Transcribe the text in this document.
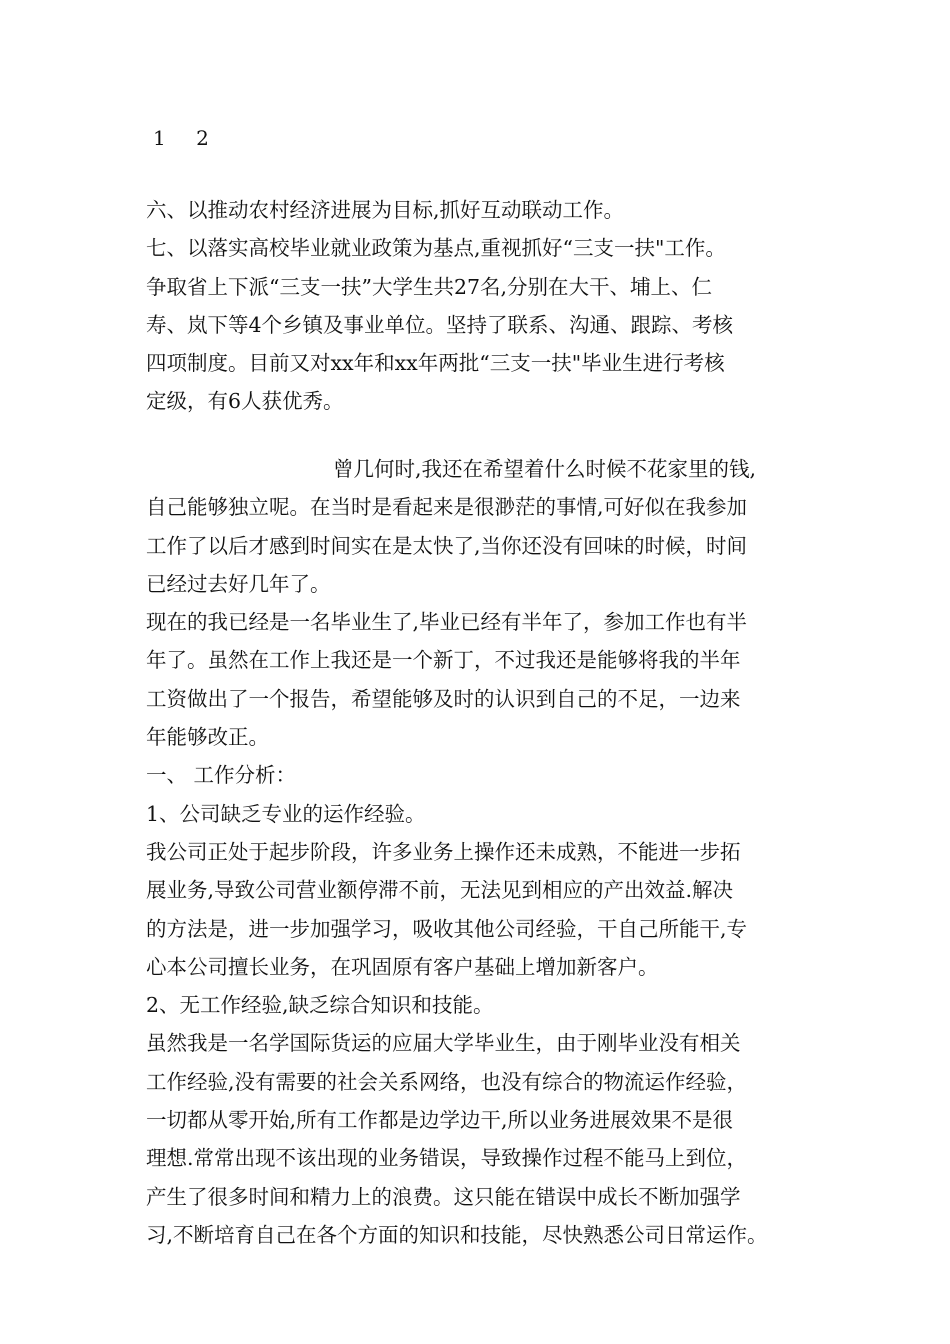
1 2
六、以推动农村经济进展为目标,抓好互动联动工作。
七、以落实高校毕业就业政策为基点,重视抓好“三支一扶"工作。
争取省上下派“三支一扶”大学生共27名,分别在大干、埔上、仁
寿、岚下等4个乡镇及事业单位。坚持了联系、沟通、跟踪、考核
四项制度。目前又对xx年和xx年两批“三支一扶"毕业生进行考核
定级，有6人获优秀。
曾几何时,我还在希望着什么时候不花家里的钱,
自己能够独立呢。在当时是看起来是很渺茫的事情,可好似在我参加
工作了以后才感到时间实在是太快了,当你还没有回味的时候，时间
已经过去好几年了。
现在的我已经是一名毕业生了,毕业已经有半年了，参加工作也有半
年了。虽然在工作上我还是一个新丁，不过我还是能够将我的半年
工资做出了一个报告，希望能够及时的认识到自己的不足，一边来
年能够改正。
一、 工作分析：
1、公司缺乏专业的运作经验。
我公司正处于起步阶段，许多业务上操作还未成熟，不能进一步拓
展业务,导致公司营业额停滞不前，无法见到相应的产出效益.解决
的方法是，进一步加强学习，吸收其他公司经验，干自己所能干,专
心本公司擅长业务，在巩固原有客户基础上增加新客户。
2、无工作经验,缺乏综合知识和技能。
虽然我是一名学国际货运的应届大学毕业生，由于刚毕业没有相关
工作经验,没有需要的社会关系网络，也没有综合的物流运作经验，
一切都从零开始,所有工作都是边学边干,所以业务进展效果不是很
理想.常常出现不该出现的业务错误，导致操作过程不能马上到位，
产生了很多时间和精力上的浪费。这只能在错误中成长不断加强学
习,不断培育自己在各个方面的知识和技能，尽快熟悉公司日常运作。
